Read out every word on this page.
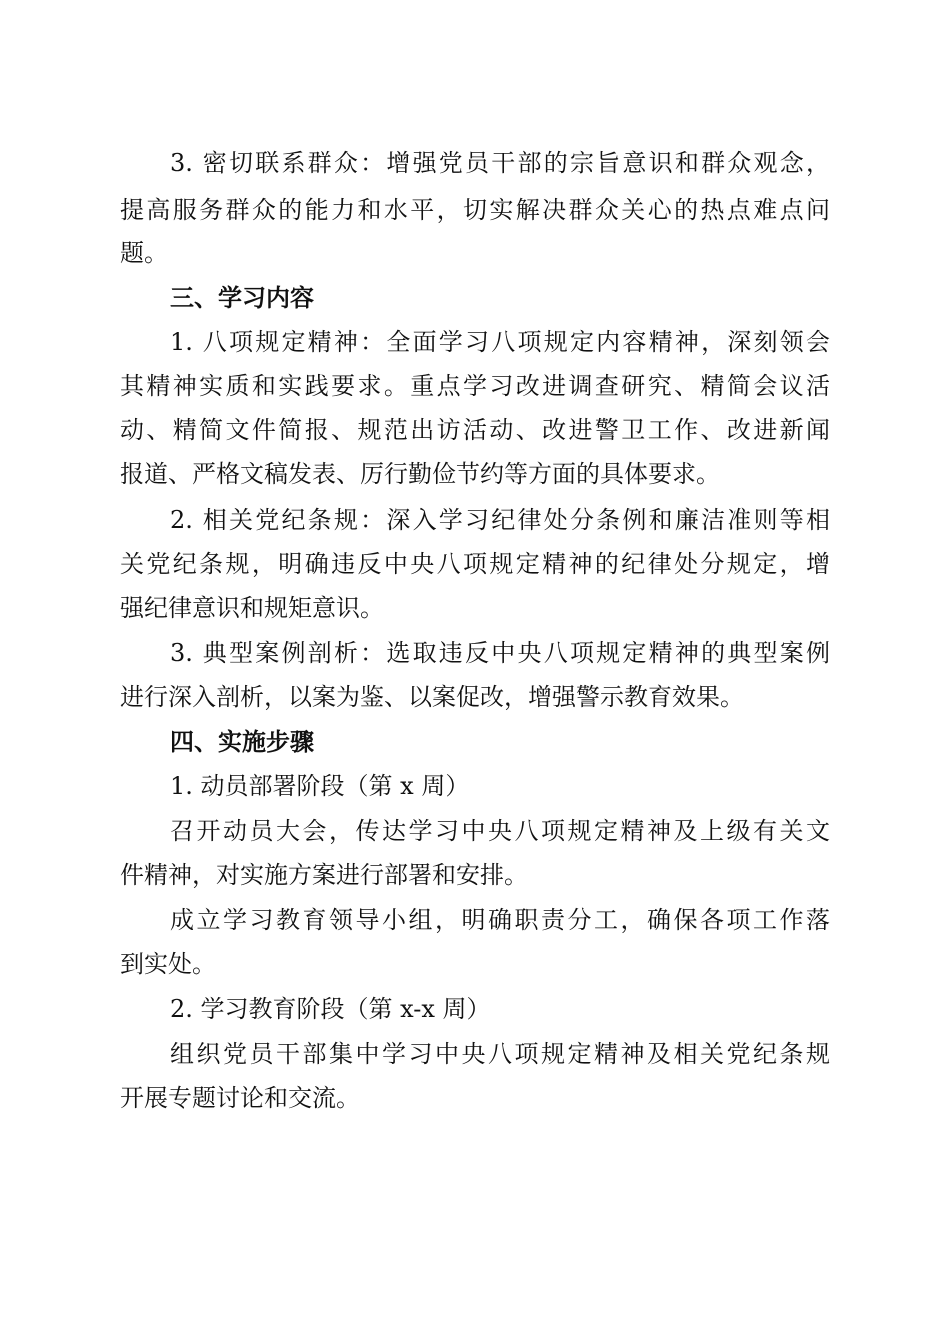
3. 密切联系群众：增强党员干部的宗旨意识和群众观念，
提高服务群众的能力和水平，切实解决群众关心的热点难点问
题。
三、学习内容
1. 八项规定精神：全面学习八项规定内容精神，深刻领会
其精神实质和实践要求。重点学习改进调查研究、精简会议活
动、精简文件简报、规范出访活动、改进警卫工作、改进新闻
报道、严格文稿发表、厉行勤俭节约等方面的具体要求。
2. 相关党纪条规：深入学习纪律处分条例和廉洁准则等相
关党纪条规，明确违反中央八项规定精神的纪律处分规定，增
强纪律意识和规矩意识。
3. 典型案例剖析：选取违反中央八项规定精神的典型案例
进行深入剖析，以案为鉴、以案促改，增强警示教育效果。
四、实施步骤
1. 动员部署阶段（第 x 周）
召开动员大会，传达学习中央八项规定精神及上级有关文
件精神，对实施方案进行部署和安排。
成立学习教育领导小组，明确职责分工，确保各项工作落
到实处。
2. 学习教育阶段（第 x-x 周）
组织党员干部集中学习中央八项规定精神及相关党纪条规
开展专题讨论和交流。
